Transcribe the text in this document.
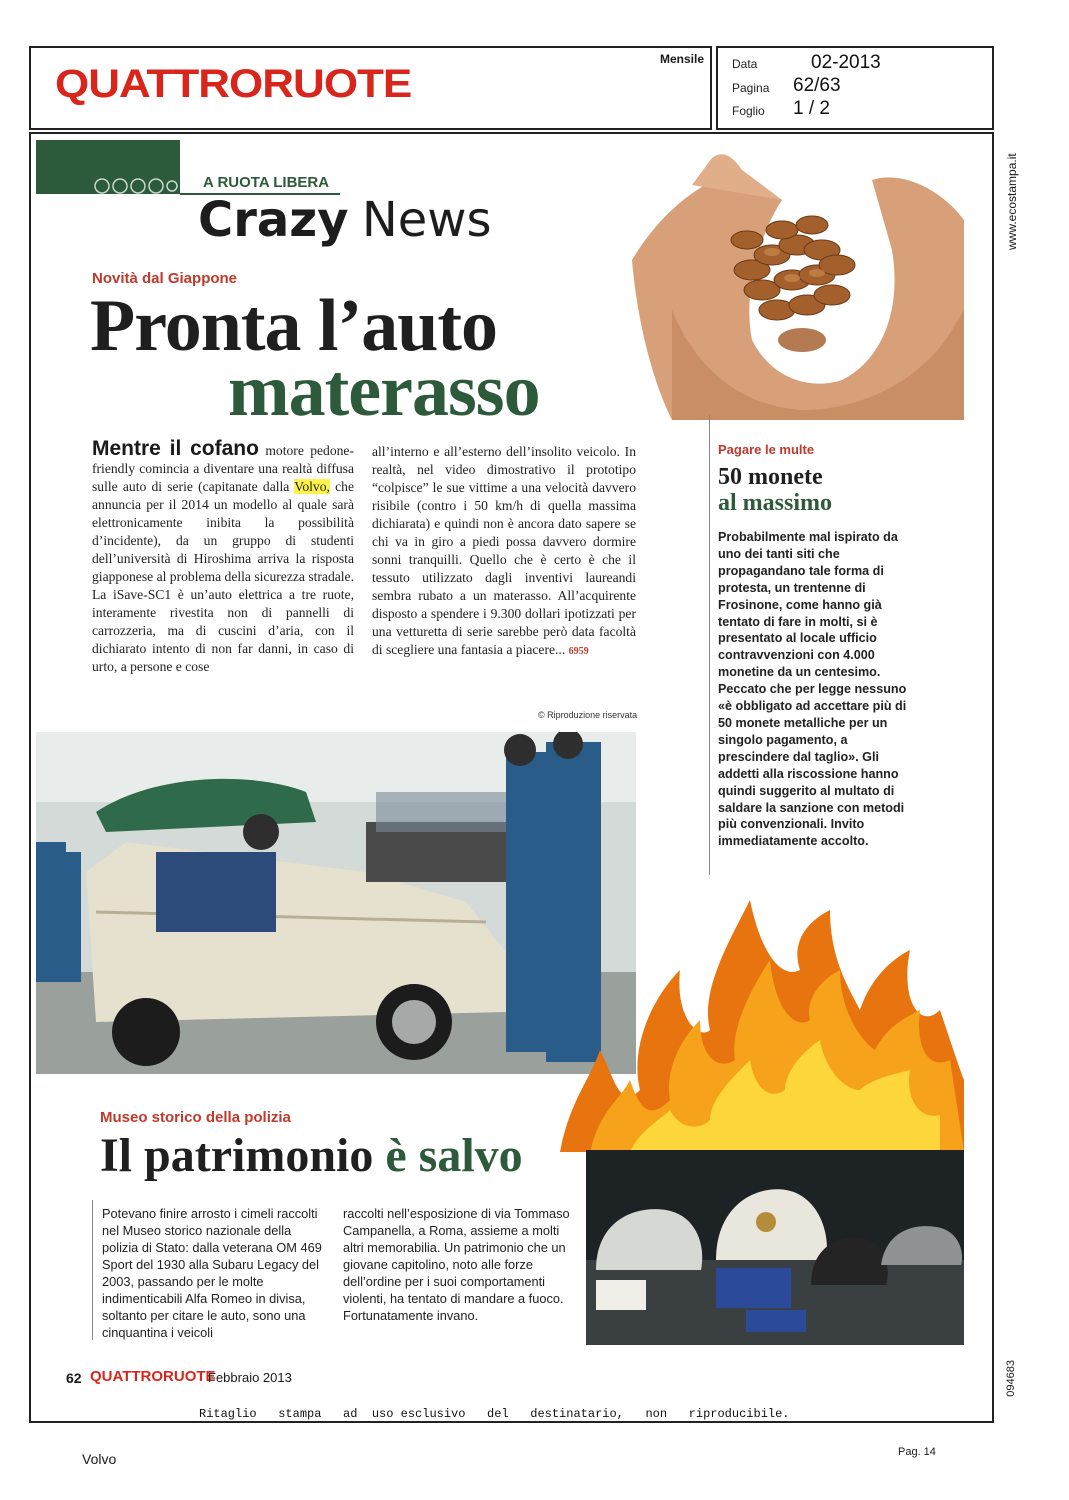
QUATTRORUOTE
Mensile Data	02-2013
Pagina 62/63
Foglio 1 / 2
www.ecostampa.it
094683
A RUOTA LIBERA
Crazy News
Novità dal Giappone
Pronta l’auto
materasso
Mentre il cofano motore pedone-friendly comincia a diventare una realtà diffusa sulle auto di serie (capitanate dalla Volvo, che annuncia per il 2014 un modello al quale sarà elettronicamente inibita la possibilità d’incidente), da un gruppo di studenti dell’università di Hiroshima arriva la risposta giapponese al problema della sicurezza stradale. La iSave-SC1 è un’auto elettrica a tre ruote, interamente rivestita non di pannelli di carrozzeria, ma di cuscini d’aria, con il dichiarato intento di non far danni, in caso di urto, a persone e cose
all’interno e all’esterno dell’insolito veicolo. In realtà, nel video dimostrativo il prototipo “colpisce” le sue vittime a una velocità davvero risibile (contro i 50 km/h di quella massima dichiarata) e quindi non è ancora dato sapere se chi va in giro a piedi possa davvero dormire sonni tranquilli. Quello che è certo è che il tessuto utilizzato dagli inventivi laureandi sembra rubato a un materasso. All’acquirente disposto a spendere i 9.300 dollari ipotizzati per una vetturetta di serie sarebbe però data facoltà di scegliere una fantasia a piacere... 6959
© Riproduzione riservata
Pagare le multe
50 monete
al massimo
Probabilmente mal ispirato da uno dei tanti siti che propagandano tale forma di protesta, un trentenne di Frosinone, come hanno già tentato di fare in molti, si è presentato al locale ufficio contravvenzioni con 4.000 monetine da un centesimo. Peccato che per legge nessuno «è obbligato ad accettare più di 50 monete metalliche per un singolo pagamento, a prescindere dal taglio». Gli addetti alla riscossione hanno quindi suggerito al multato di saldare la sanzione con metodi più convenzionali. Invito immediatamente accolto.
Museo storico della polizia
Il patrimonio è salvo
Potevano finire arrosto i cimeli raccolti nel Museo storico nazionale della polizia di Stato: dalla veterana OM 469 Sport del 1930 alla Subaru Legacy del 2003, passando per le molte indimenticabili Alfa Romeo in divisa, soltanto per citare le auto, sono una cinquantina i veicoli
raccolti nell’esposizione di via Tommaso Campanella, a Roma, assieme a molti altri memorabilia. Un patrimonio che un giovane capitolino, noto alle forze dell’ordine per i suoi comportamenti violenti, ha tentato di mandare a fuoco. Fortunatamente invano.
62 QUATTRORUOTE
Febbraio 2013
Ritaglio   stampa   ad  uso esclusivo   del   destinatario,   non   riproducibile.
Volvo	Pag. 14
